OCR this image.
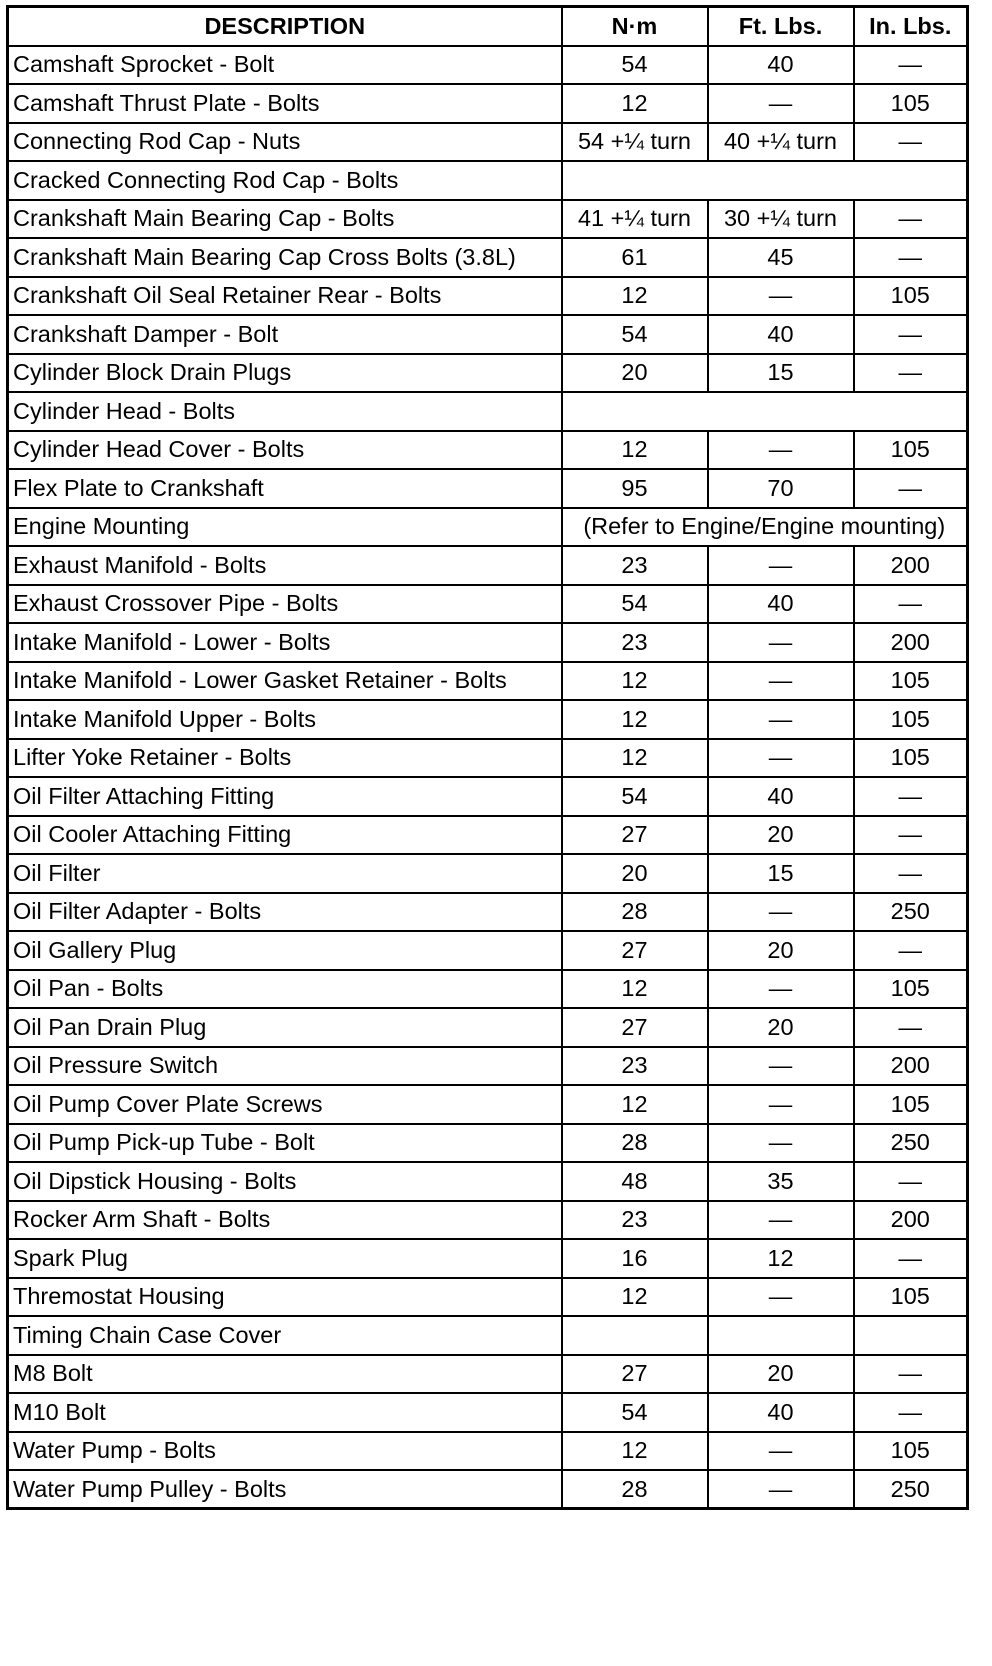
DESCRIPTION	N·m	Ft. Lbs.	In. Lbs.
Camshaft Sprocket - Bolt	54	40	—
Camshaft Thrust Plate - Bolts	12	—	105
Connecting Rod Cap - Nuts	54 +¼ turn	40 +¼ turn	—
Cracked Connecting Rod Cap - Bolts			
Crankshaft Main Bearing Cap - Bolts	41 +¼ turn	30 +¼ turn	—
Crankshaft Main Bearing Cap Cross Bolts (3.8L)	61	45	—
Crankshaft Oil Seal Retainer Rear - Bolts	12	—	105
Crankshaft Damper - Bolt	54	40	—
Cylinder Block Drain Plugs	20	15	—
Cylinder Head - Bolts			
Cylinder Head Cover - Bolts	12	—	105
Flex Plate to Crankshaft	95	70	—
Engine Mounting	(Refer to Engine/Engine mounting)		
Exhaust Manifold - Bolts	23	—	200
Exhaust Crossover Pipe - Bolts	54	40	—
Intake Manifold - Lower - Bolts	23	—	200
Intake Manifold - Lower Gasket Retainer - Bolts	12	—	105
Intake Manifold Upper - Bolts	12	—	105
Lifter Yoke Retainer - Bolts	12	—	105
Oil Filter Attaching Fitting	54	40	—
Oil Cooler Attaching Fitting	27	20	—
Oil Filter	20	15	—
Oil Filter Adapter - Bolts	28	—	250
Oil Gallery Plug	27	20	—
Oil Pan - Bolts	12	—	105
Oil Pan Drain Plug	27	20	—
Oil Pressure Switch	23	—	200
Oil Pump Cover Plate Screws	12	—	105
Oil Pump Pick-up Tube - Bolt	28	—	250
Oil Dipstick Housing - Bolts	48	35	—
Rocker Arm Shaft - Bolts	23	—	200
Spark Plug	16	12	—
Thremostat Housing	12	—	105
Timing Chain Case Cover			
M8 Bolt	27	20	—
M10 Bolt	54	40	—
Water Pump - Bolts	12	—	105
Water Pump Pulley - Bolts	28	—	250
